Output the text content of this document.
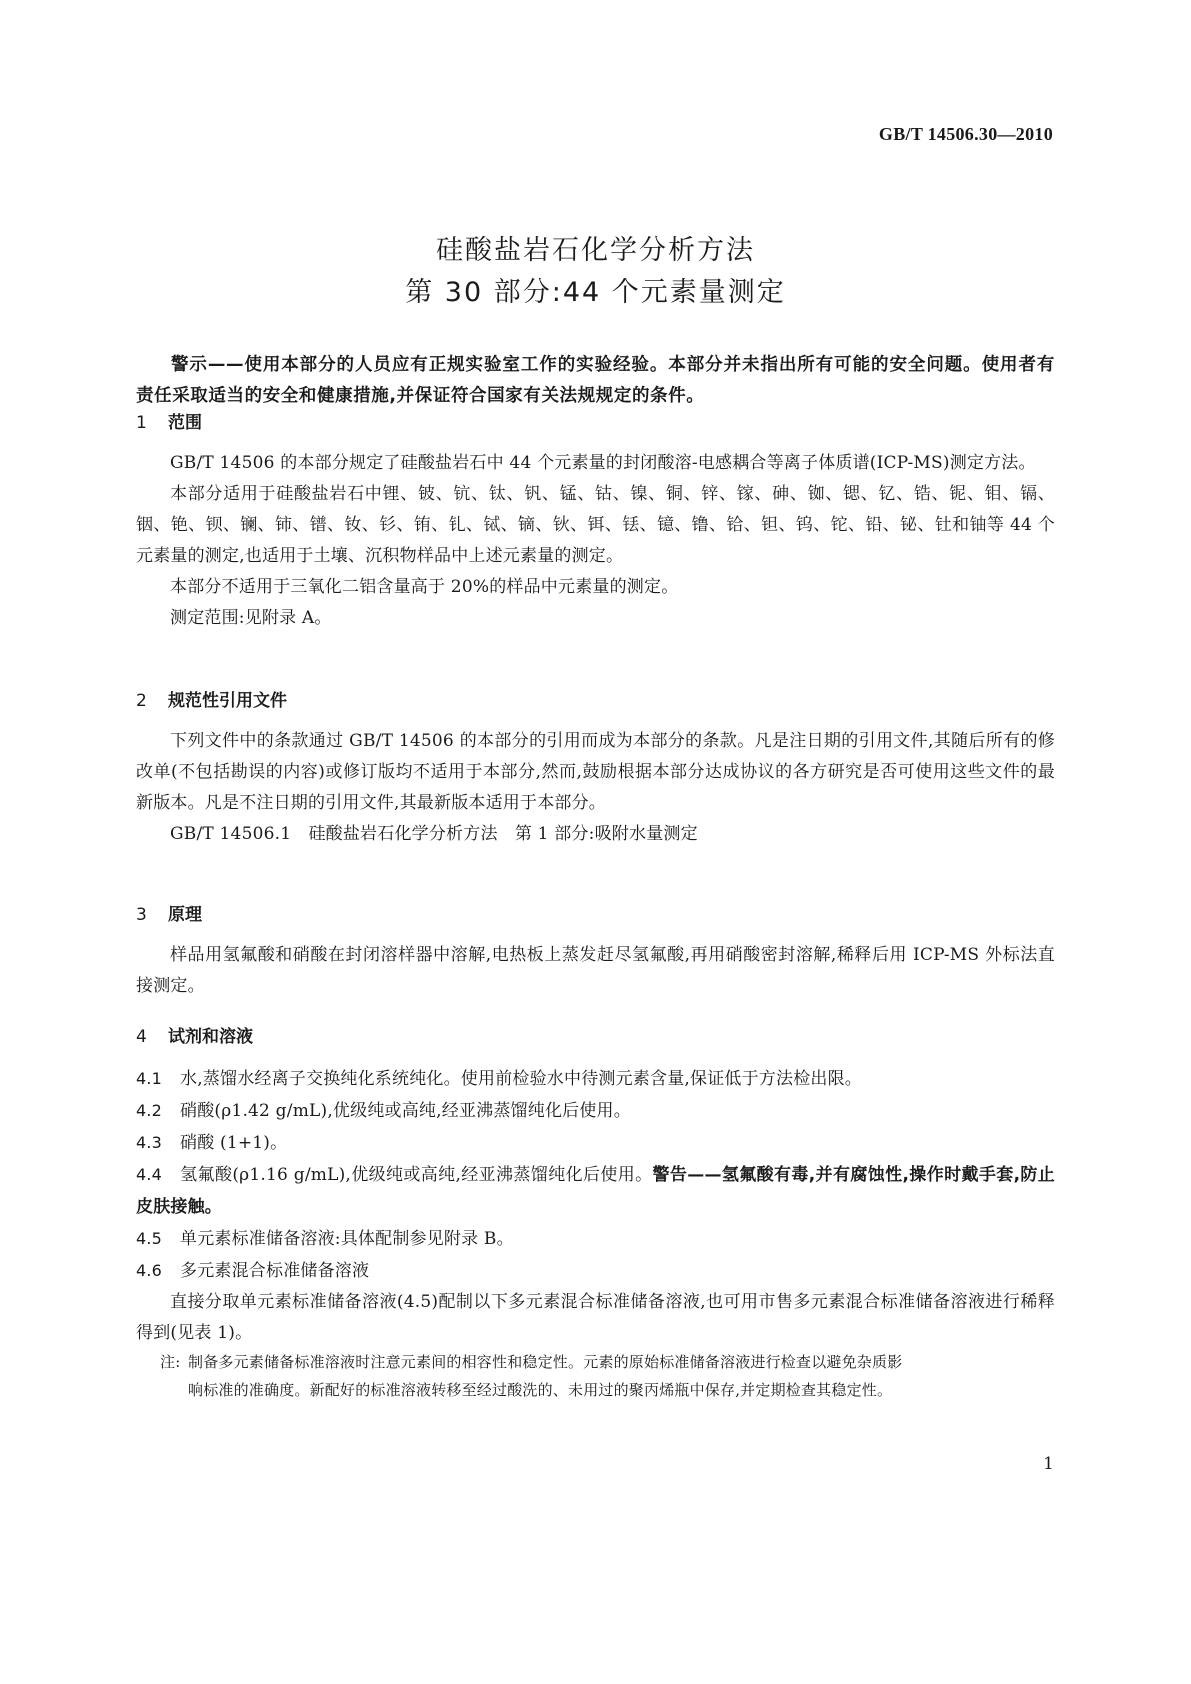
GB/T 14506.30—2010
硅酸盐岩石化学分析方法
第 30 部分:44 个元素量测定
警示——使用本部分的人员应有正规实验室工作的实验经验。本部分并未指出所有可能的安全问题。使用者有责任采取适当的安全和健康措施,并保证符合国家有关法规规定的条件。
1 范围

GB/T 14506 的本部分规定了硅酸盐岩石中 44 个元素量的封闭酸溶-电感耦合等离子体质谱(ICP-MS)测定方法。

本部分适用于硅酸盐岩石中锂、铍、钪、钛、钒、锰、钴、镍、铜、锌、镓、砷、铷、锶、钇、锆、铌、钼、镉、铟、铯、钡、镧、铈、镨、钕、钐、铕、钆、铽、镝、钬、铒、铥、镱、镥、铪、钽、钨、铊、铅、铋、钍和铀等 44 个元素量的测定,也适用于土壤、沉积物样品中上述元素量的测定。

本部分不适用于三氧化二铝含量高于 20%的样品中元素量的测定。

测定范围:见附录 A。

2 规范性引用文件

下列文件中的条款通过 GB/T 14506 的本部分的引用而成为本部分的条款。凡是注日期的引用文件,其随后所有的修改单(不包括勘误的内容)或修订版均不适用于本部分,然而,鼓励根据本部分达成协议的各方研究是否可使用这些文件的最新版本。凡是不注日期的引用文件,其最新版本适用于本部分。

GB/T 14506.1　硅酸盐岩石化学分析方法　第 1 部分:吸附水量测定

3 原理

样品用氢氟酸和硝酸在封闭溶样器中溶解,电热板上蒸发赶尽氢氟酸,再用硝酸密封溶解,稀释后用 ICP-MS 外标法直接测定。

4 试剂和溶液

4.1 水,蒸馏水经离子交换纯化系统纯化。使用前检验水中待测元素含量,保证低于方法检出限。

4.2 硝酸(ρ1.42 g/mL),优级纯或高纯,经亚沸蒸馏纯化后使用。

4.3 硝酸 (1+1)。

4.4 氢氟酸(ρ1.16 g/mL),优级纯或高纯,经亚沸蒸馏纯化后使用。警告——氢氟酸有毒,并有腐蚀性,操作时戴手套,防止皮肤接触。

4.5 单元素标准储备溶液:具体配制参见附录 B。

4.6 多元素混合标准储备溶液

直接分取单元素标准储备溶液(4.5)配制以下多元素混合标准储备溶液,也可用市售多元素混合标准储备溶液进行稀释得到(见表 1)。

注: 制备多元素储备标准溶液时注意元素间的相容性和稳定性。元素的原始标准储备溶液进行检查以避免杂质影
响标准的准确度。新配好的标准溶液转移至经过酸洗的、未用过的聚丙烯瓶中保存,并定期检查其稳定性。
1
